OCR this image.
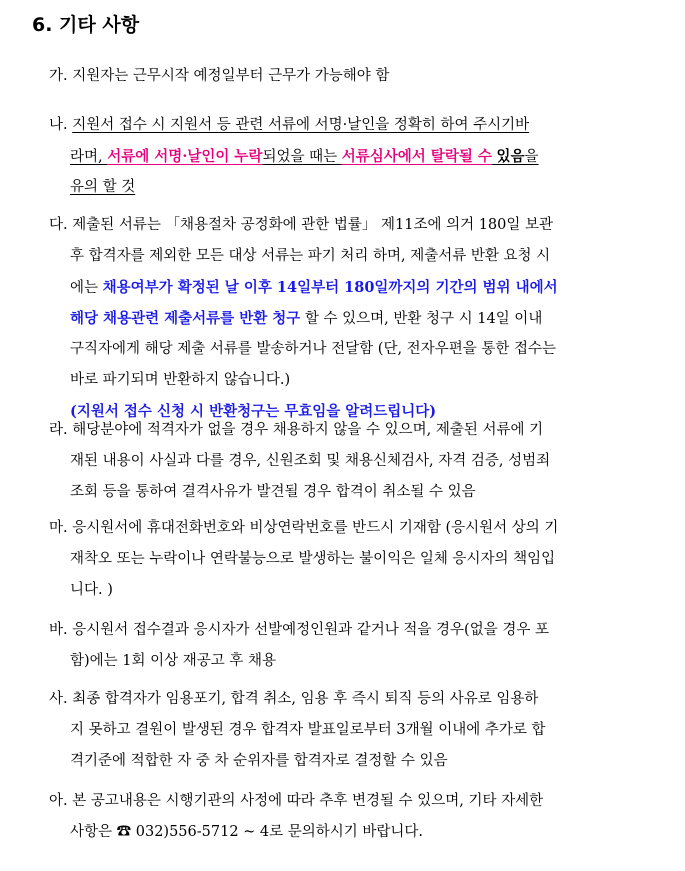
6. 기타 사항
가. 지원자는 근무시작 예정일부터 근무가 가능해야 함
나. 지원서 접수 시 지원서 등 관련 서류에 서명·날인을 정확히 하여 주시기바
라며, 서류에 서명·날인이 누락되었을 때는 서류심사에서 탈락될 수 있음을
유의 할 것
다. 제출된 서류는 「채용절차 공정화에 관한 법률」 제11조에 의거 180일 보관
후 합격자를 제외한 모든 대상 서류는 파기 처리 하며, 제출서류 반환 요청 시
에는 채용여부가 확정된 날 이후 14일부터 180일까지의 기간의 범위 내에서
해당 채용관련 제출서류를 반환 청구 할 수 있으며, 반환 청구 시 14일 이내
구직자에게 해당 제출 서류를 발송하거나 전달함 (단, 전자우편을 통한 접수는
바로 파기되며 반환하지 않습니다.)
(지원서 접수 신청 시 반환청구는 무효임을 알려드립니다)
라. 해당분야에 적격자가 없을 경우 채용하지 않을 수 있으며, 제출된 서류에 기
재된 내용이 사실과 다를 경우, 신원조회 및 채용신체검사, 자격 검증, 성범죄
조회 등을 통하여 결격사유가 발견될 경우 합격이 취소될 수 있음
마. 응시원서에 휴대전화번호와 비상연락번호를 반드시 기재함 (응시원서 상의 기
재착오 또는 누락이나 연락불능으로 발생하는 불이익은 일체 응시자의 책임입
니다. )
바. 응시원서 접수결과 응시자가 선발예정인원과 같거나 적을 경우(없을 경우 포
함)에는 1회 이상 재공고 후 채용
사. 최종 합격자가 임용포기, 합격 취소, 임용 후 즉시 퇴직 등의 사유로 임용하
지 못하고 결원이 발생된 경우 합격자 발표일로부터 3개월 이내에 추가로 합
격기준에 적합한 자 중 차 순위자를 합격자로 결정할 수 있음
아. 본 공고내용은 시행기관의 사정에 따라 추후 변경될 수 있으며, 기타 자세한
사항은 ☎ 032)556-5712 ~ 4로 문의하시기 바랍니다.
